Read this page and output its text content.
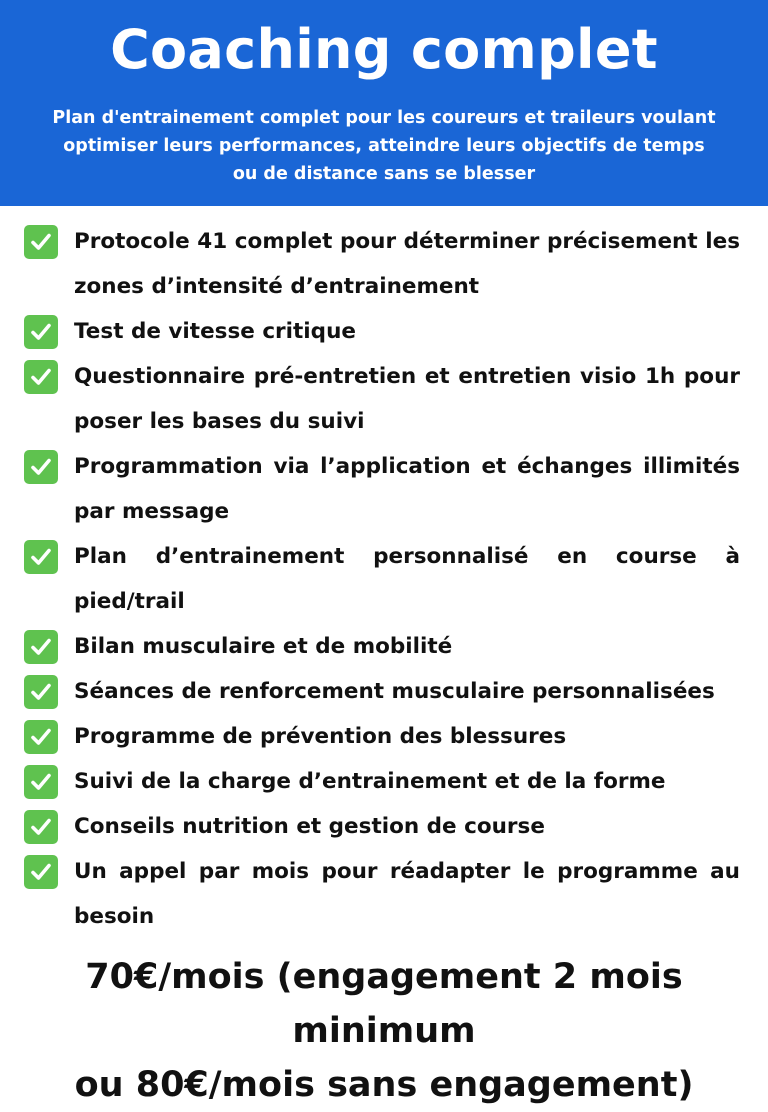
Coaching complet
Plan d'entrainement complet pour les coureurs et traileurs voulant optimiser leurs performances, atteindre leurs objectifs de temps ou de distance sans se blesser
Protocole 41 complet pour déterminer précisement les zones d’intensité d’entrainement
Test de vitesse critique
Questionnaire pré-entretien et entretien visio 1h pour poser les bases du suivi
Programmation via l’application et échanges illimités par message
Plan d’entrainement personnalisé en course à pied/trail
Bilan musculaire et de mobilité
Séances de renforcement musculaire personnalisées
Programme de prévention des blessures
Suivi de la charge d’entrainement et de la forme
Conseils nutrition et gestion de course
Un appel par mois pour réadapter le programme au besoin
70€/mois (engagement 2 mois minimum
ou 80€/mois sans engagement)
